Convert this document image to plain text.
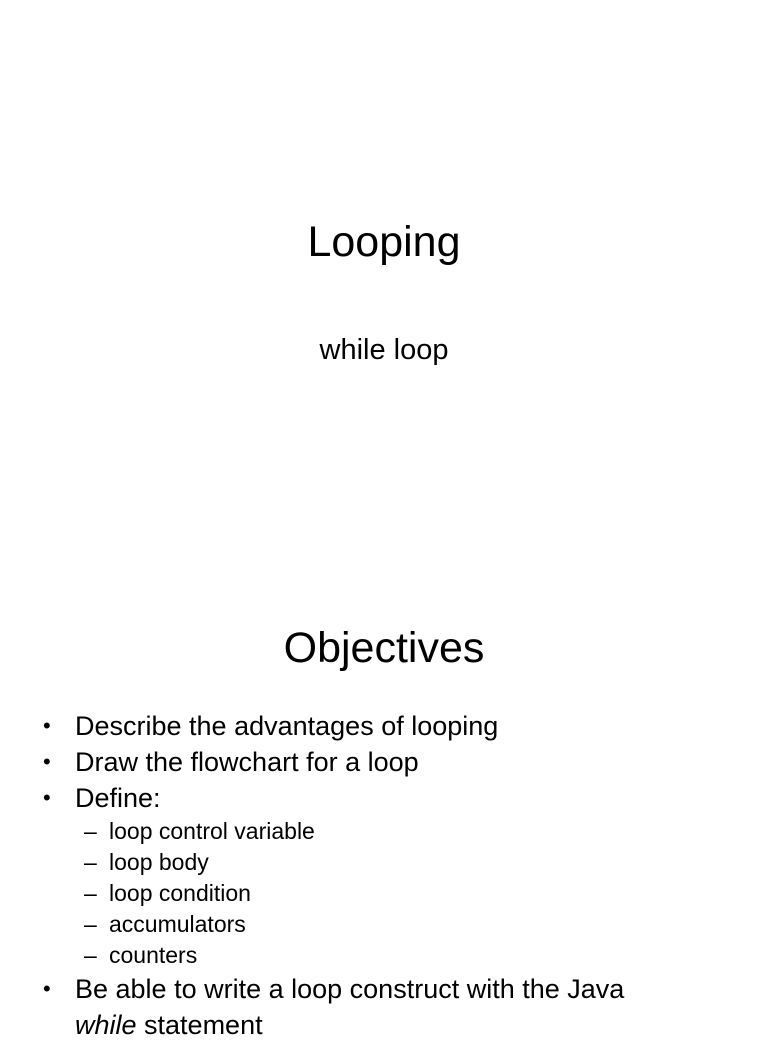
Looping
while loop
Objectives
• Describe the advantages of looping
• Draw the flowchart for a loop
• Define:
– loop control variable
– loop body
– loop condition
– accumulators
– counters
• Be able to write a loop construct with the Java
while statement
